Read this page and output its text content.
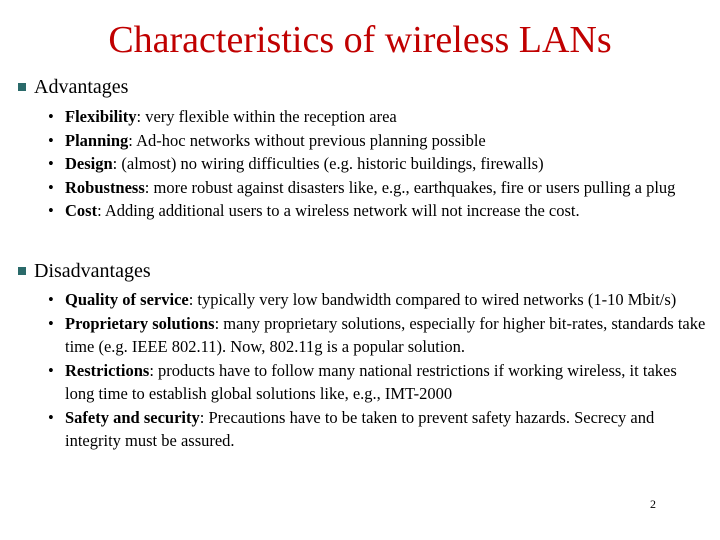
Characteristics of wireless LANs
Advantages
• Flexibility: very flexible within the reception area
• Planning: Ad-hoc networks without previous planning possible
• Design: (almost) no wiring difficulties (e.g. historic buildings, firewalls)
• Robustness: more robust against disasters like, e.g., earthquakes, fire or users pulling a plug
• Cost: Adding additional users to a wireless network will not increase the cost.
Disadvantages
• Quality of service: typically very low bandwidth compared to wired networks (1-10 Mbit/s)
• Proprietary solutions: many proprietary solutions, especially for higher bit-rates, standards take time (e.g. IEEE 802.11). Now, 802.11g is a popular solution.
• Restrictions: products have to follow many national restrictions if working wireless, it takes long time to establish global solutions like, e.g., IMT-2000
• Safety and security: Precautions have to be taken to prevent safety hazards. Secrecy and integrity must be assured.
2
